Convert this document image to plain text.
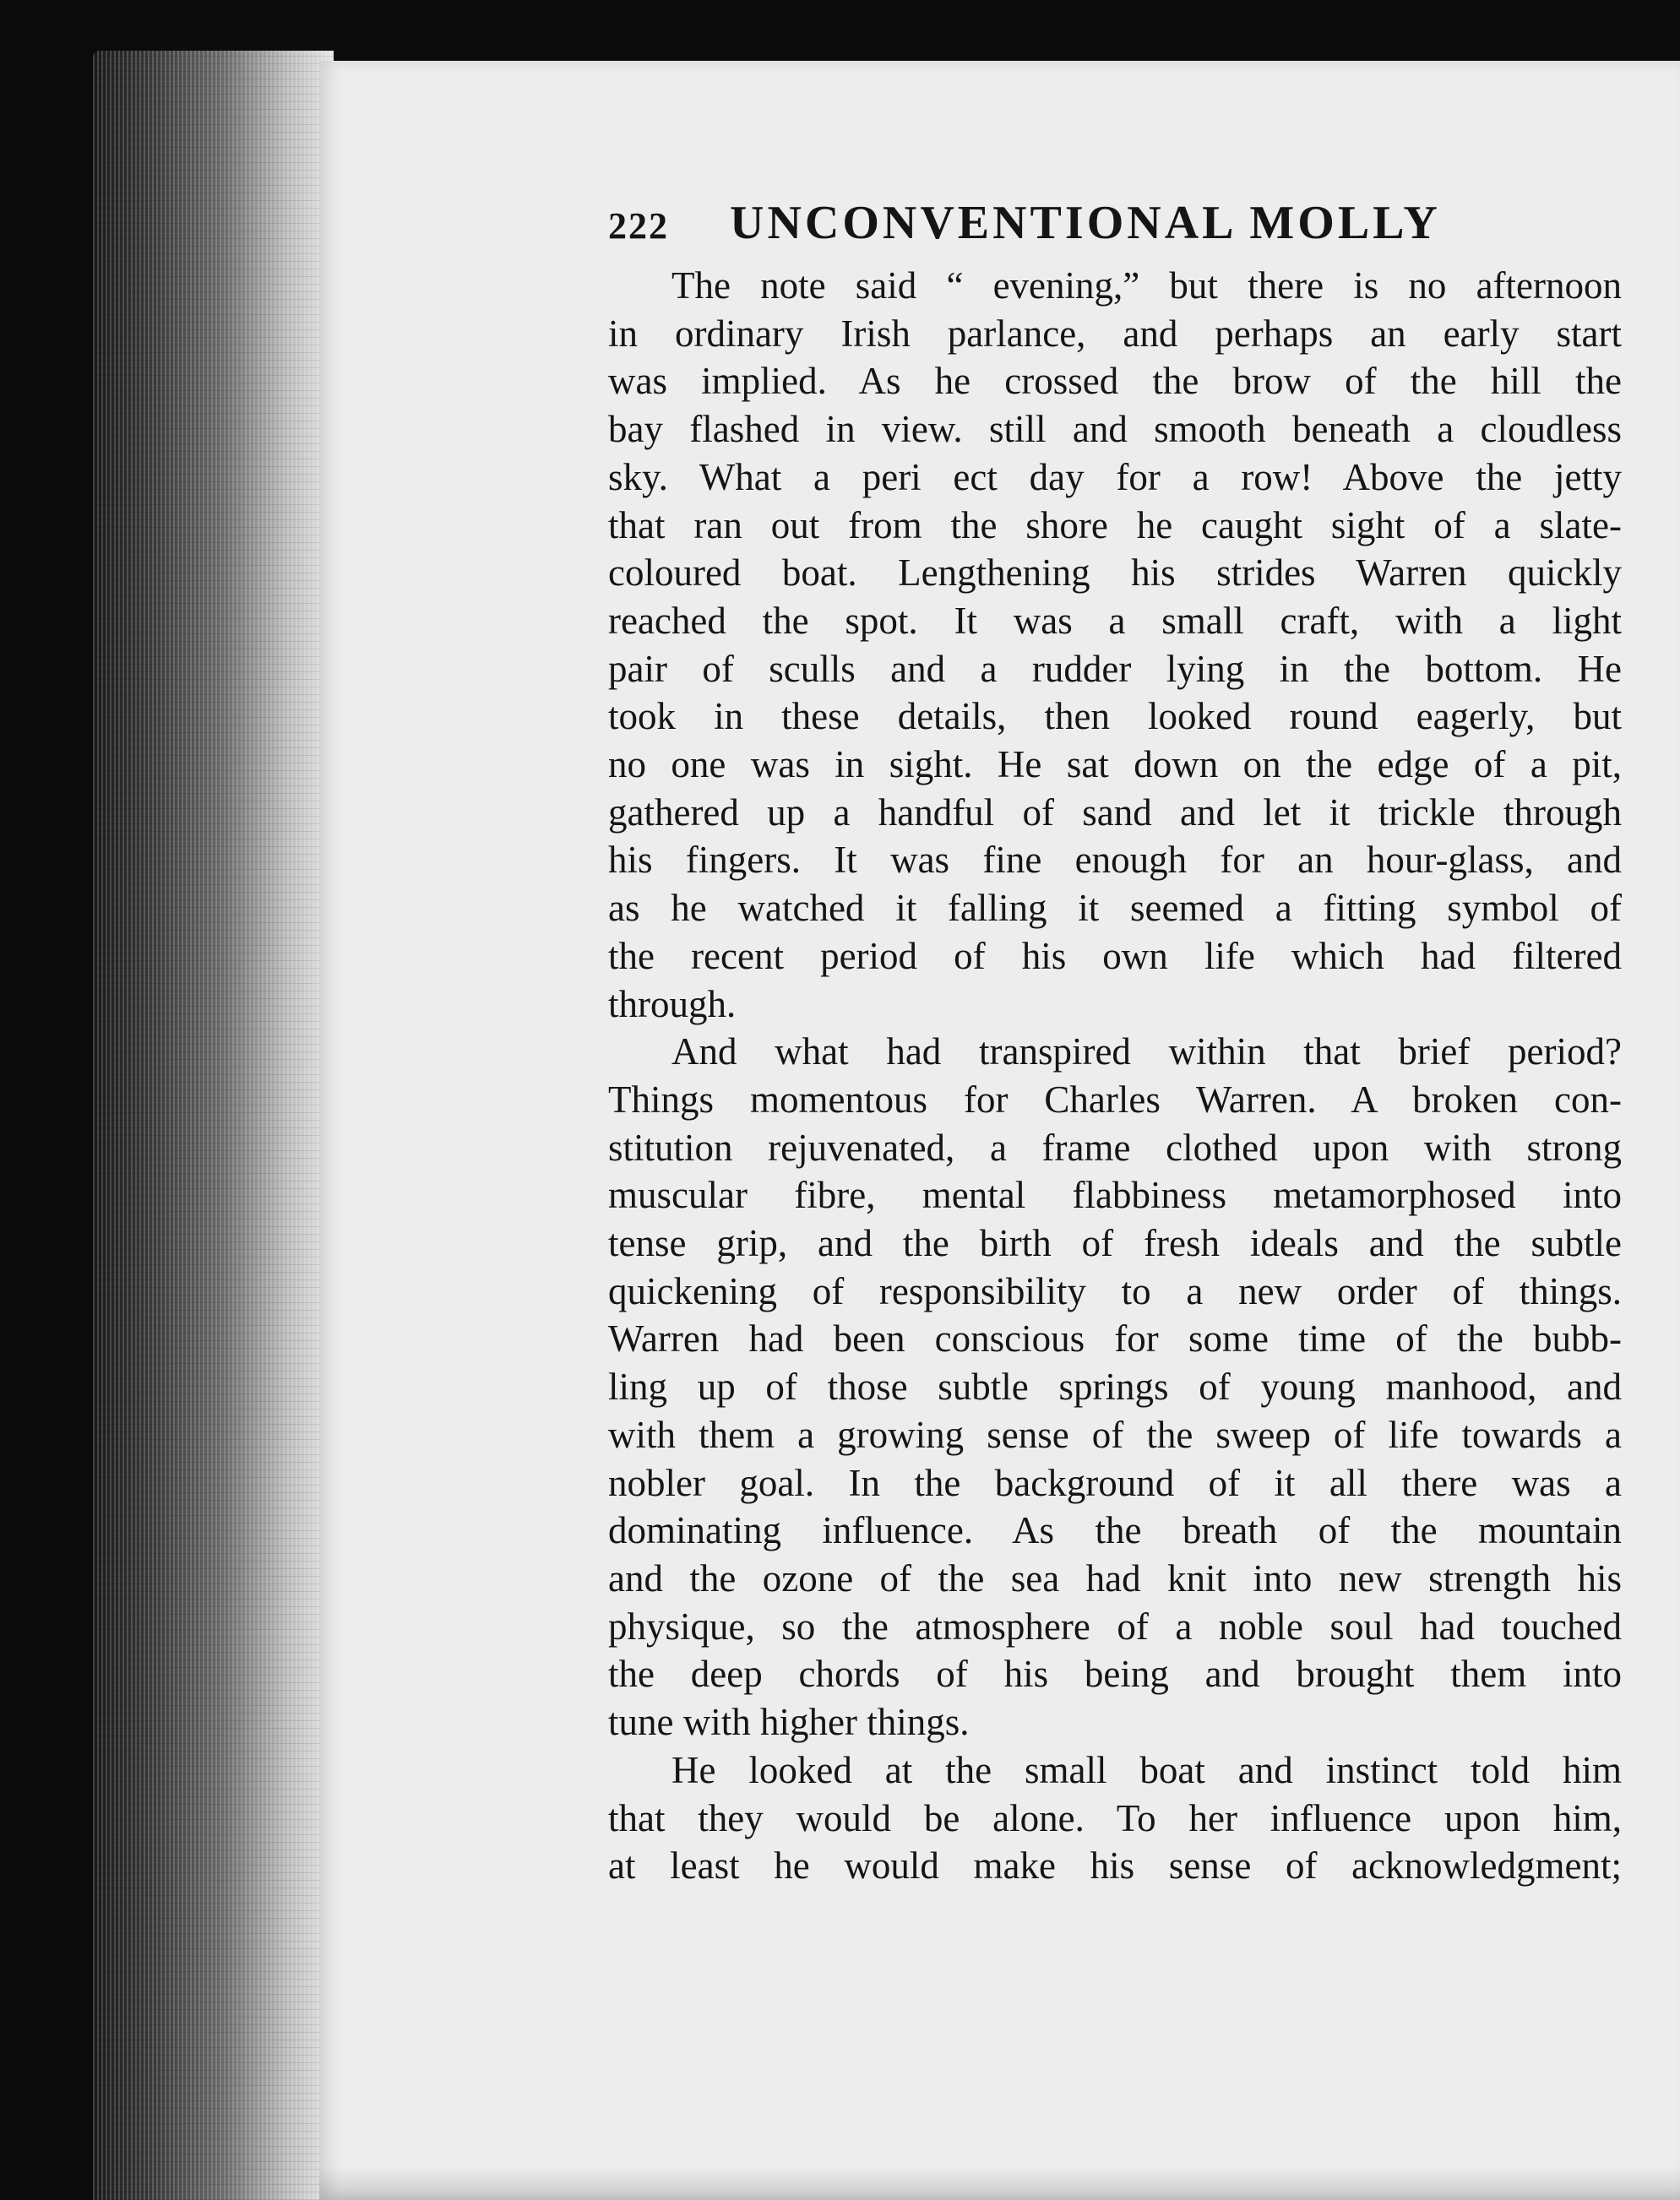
222 UNCONVENTIONAL MOLLY
The note said “ evening,” but there is no afternoon
in ordinary Irish parlance, and perhaps an early start
was implied. As he crossed the brow of the hill the
bay flashed in view. still and smooth beneath a cloudless
sky. What a peri ect day for a row! Above the jetty
that ran out from the shore he caught sight of a slate-
coloured boat. Lengthening his strides Warren quickly
reached the spot. It was a small craft, with a light
pair of sculls and a rudder lying in the bottom. He
took in these details, then looked round eagerly, but
no one was in sight. He sat down on the edge of a pit,
gathered up a handful of sand and let it trickle through
his fingers. It was fine enough for an hour-glass, and
as he watched it falling it seemed a fitting symbol of
the recent period of his own life which had filtered
through.
And what had transpired within that brief period?
Things momentous for Charles Warren. A broken con-
stitution rejuvenated, a frame clothed upon with strong
muscular fibre, mental flabbiness metamorphosed into
tense grip, and the birth of fresh ideals and the subtle
quickening of responsibility to a new order of things.
Warren had been conscious for some time of the bubb-
ling up of those subtle springs of young manhood, and
with them a growing sense of the sweep of life towards a
nobler goal. In the background of it all there was a
dominating influence. As the breath of the mountain
and the ozone of the sea had knit into new strength his
physique, so the atmosphere of a noble soul had touched
the deep chords of his being and brought them into
tune with higher things.
He looked at the small boat and instinct told him
that they would be alone. To her influence upon him,
at least he would make his sense of acknowledgment;
